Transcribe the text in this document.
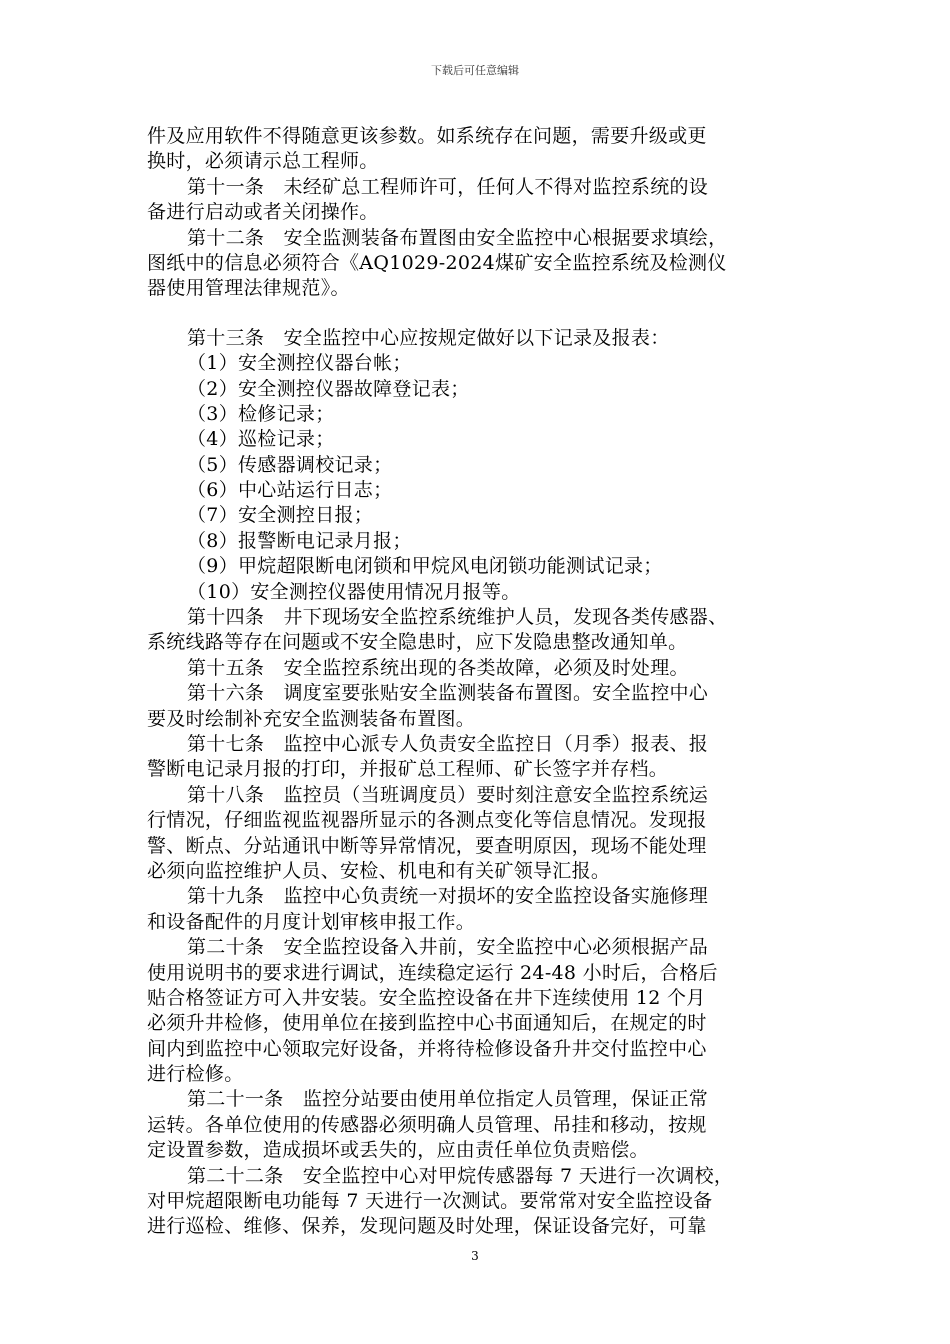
下载后可任意编辑
件及应用软件不得随意更该参数。如系统存在问题，需要升级或更
换时，必须请示总工程师。
第十一条　未经矿总工程师许可，任何人不得对监控系统的设
备进行启动或者关闭操作。
第十二条　安全监测装备布置图由安全监控中心根据要求填绘，
图纸中的信息必须符合《AQ1029-2024煤矿安全监控系统及检测仪
器使用管理法律规范》。
第十三条　安全监控中心应按规定做好以下记录及报表：
（1）安全测控仪器台帐；
（2）安全测控仪器故障登记表；
（3）检修记录；
（4）巡检记录；
（5）传感器调校记录；
（6）中心站运行日志；
（7）安全测控日报；
（8）报警断电记录月报；
（9）甲烷超限断电闭锁和甲烷风电闭锁功能测试记录；
（10）安全测控仪器使用情况月报等。
第十四条　井下现场安全监控系统维护人员，发现各类传感器、
系统线路等存在问题或不安全隐患时，应下发隐患整改通知单。
第十五条　安全监控系统出现的各类故障，必须及时处理。
第十六条　调度室要张贴安全监测装备布置图。安全监控中心
要及时绘制补充安全监测装备布置图。
第十七条　监控中心派专人负责安全监控日（月季）报表、报
警断电记录月报的打印，并报矿总工程师、矿长签字并存档。
第十八条　监控员（当班调度员）要时刻注意安全监控系统运
行情况，仔细监视监视器所显示的各测点变化等信息情况。发现报
警、断点、分站通讯中断等异常情况，要查明原因，现场不能处理
必须向监控维护人员、安检、机电和有关矿领导汇报。
第十九条　监控中心负责统一对损坏的安全监控设备实施修理
和设备配件的月度计划审核申报工作。
第二十条　安全监控设备入井前，安全监控中心必须根据产品
使用说明书的要求进行调试，连续稳定运行 24-48 小时后，合格后
贴合格签证方可入井安装。安全监控设备在井下连续使用 12 个月
必须升井检修，使用单位在接到监控中心书面通知后，在规定的时
间内到监控中心领取完好设备，并将待检修设备升井交付监控中心
进行检修。
第二十一条　监控分站要由使用单位指定人员管理，保证正常
运转。各单位使用的传感器必须明确人员管理、吊挂和移动，按规
定设置参数，造成损坏或丢失的，应由责任单位负责赔偿。
第二十二条　安全监控中心对甲烷传感器每 7 天进行一次调校，
对甲烷超限断电功能每 7 天进行一次测试。要常常对安全监控设备
进行巡检、维修、保养，发现问题及时处理，保证设备完好，可靠
3
